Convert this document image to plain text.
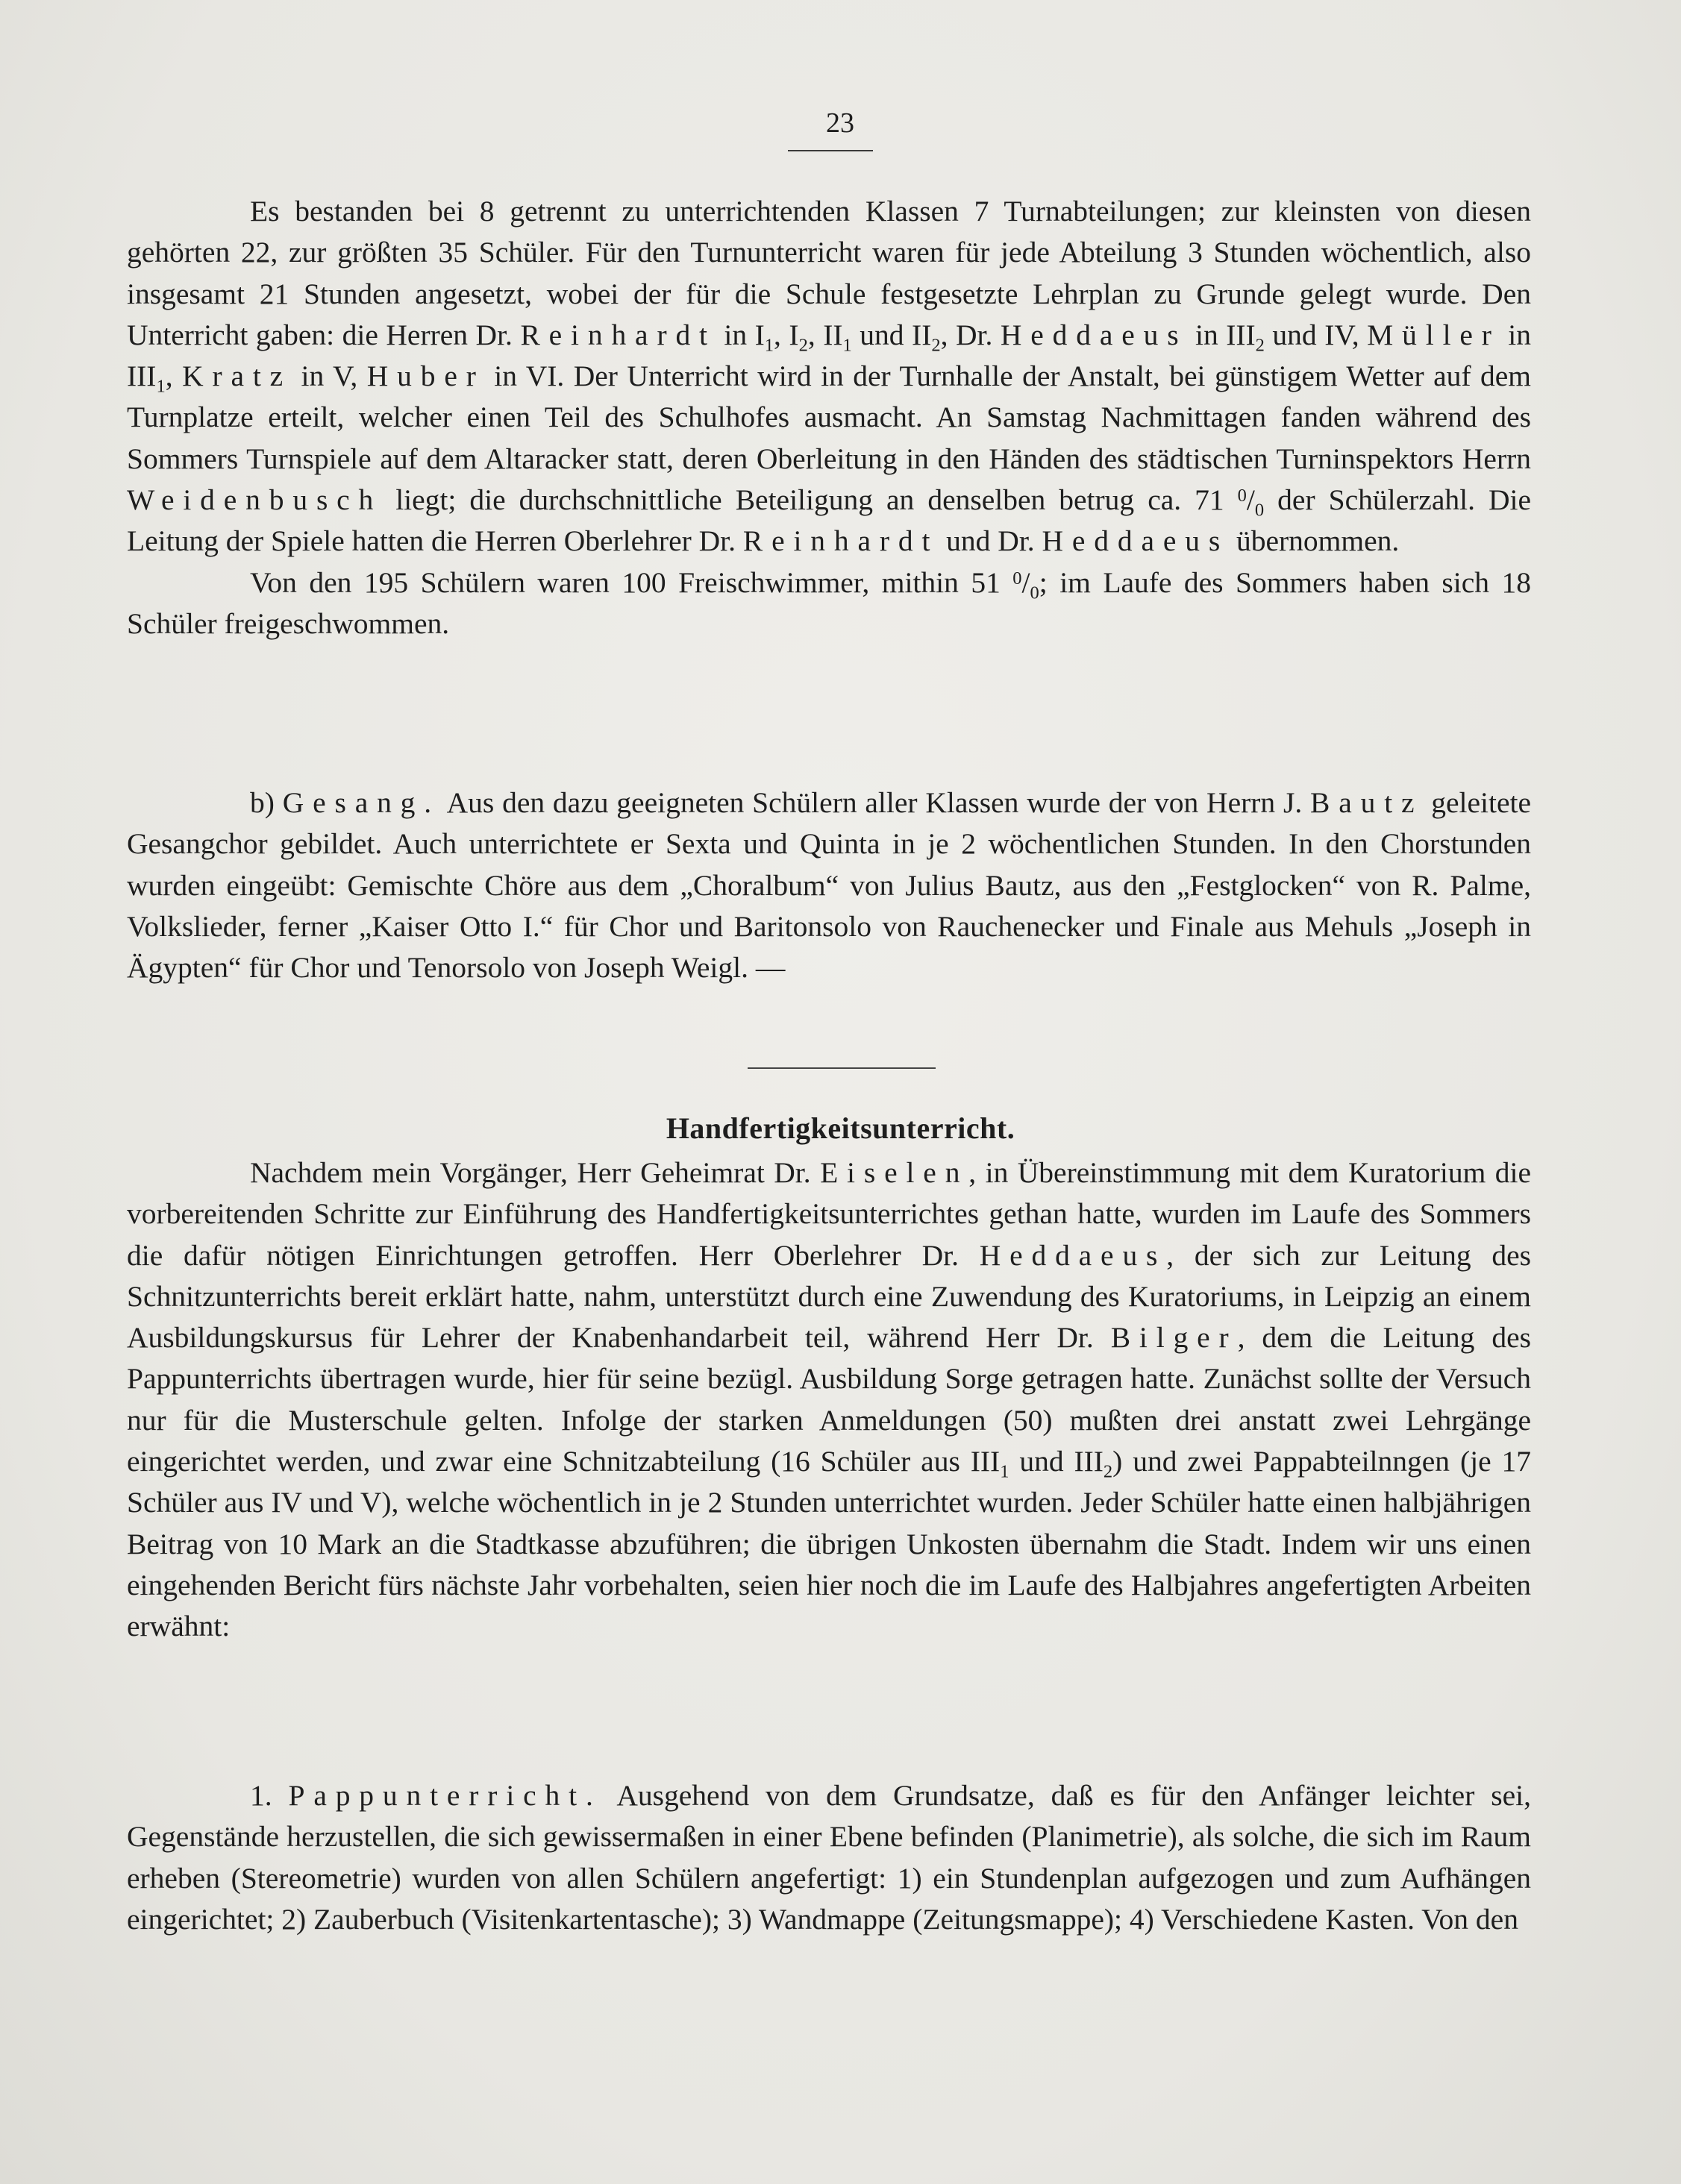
23

Es bestanden bei 8 getrennt zu unterrichtenden Klassen 7 Turnabteilungen; zur kleinsten von diesen gehörten 22, zur größten 35 Schüler. Für den Turnunterricht waren für jede Abteilung 3 Stunden wöchentlich, also insgesamt 21 Stunden angesetzt, wobei der für die Schule festgesetzte Lehrplan zu Grunde gelegt wurde. Den Unterricht gaben: die Herren Dr. Reinhardt in $I_1$, $I_2$, $II_1$ und $II_2$, Dr. Heddaeus in $III_2$ und IV, Müller in $III_1$, Kratz in V, Huber in VI. Der Unterricht wird in der Turnhalle der Anstalt, bei günstigem Wetter auf dem Turnplatze erteilt, welcher einen Teil des Schulhofes ausmacht. An Samstag Nachmittagen fanden während des Sommers Turnspiele auf dem Altaracker statt, deren Oberleitung in den Händen des städtischen Turninspektors Herrn Weidenbusch liegt; die durchschnittliche Beteiligung an denselben betrug ca. 71 $^0/_0$ der Schülerzahl. Die Leitung der Spiele hatten die Herren Oberlehrer Dr. Reinhardt und Dr. Heddaeus übernommen.

Von den 195 Schülern waren 100 Freischwimmer, mithin 51 $^0/_0$; im Laufe des Sommers haben sich 18 Schüler freigeschwommen.

b) Gesang. Aus den dazu geeigneten Schülern aller Klassen wurde der von Herrn J. Bautz geleitete Gesangchor gebildet. Auch unterrichtete er Sexta und Quinta in je 2 wöchentlichen Stunden. In den Chorstunden wurden eingeübt: Gemischte Chöre aus dem „Choralbum“ von Julius Bautz, aus den „Festglocken“ von R. Palme, Volkslieder, ferner „Kaiser Otto I.“ für Chor und Baritonsolo von Rauchenecker und Finale aus Mehuls „Joseph in Ägypten“ für Chor und Tenorsolo von Joseph Weigl. —

Handfertigkeitsunterricht.

Nachdem mein Vorgänger, Herr Geheimrat Dr. Eiselen, in Übereinstimmung mit dem Kuratorium die vorbereitenden Schritte zur Einführung des Handfertigkeitsunterrichtes gethan hatte, wurden im Laufe des Sommers die dafür nötigen Einrichtungen getroffen. Herr Oberlehrer Dr. Heddaeus, der sich zur Leitung des Schnitzunterrichts bereit erklärt hatte, nahm, unterstützt durch eine Zuwendung des Kuratoriums, in Leipzig an einem Ausbildungskursus für Lehrer der Knabenhandarbeit teil, während Herr Dr. Bilger, dem die Leitung des Pappunterrichts übertragen wurde, hier für seine bezügl. Ausbildung Sorge getragen hatte. Zunächst sollte der Versuch nur für die Musterschule gelten. Infolge der starken Anmeldungen (50) mußten drei anstatt zwei Lehrgänge eingerichtet werden, und zwar eine Schnitzabteilung (16 Schüler aus $III_1$ und $III_2$) und zwei Pappabteilnngen (je 17 Schüler aus IV und V), welche wöchentlich in je 2 Stunden unterrichtet wurden. Jeder Schüler hatte einen halbjährigen Beitrag von 10 Mark an die Stadtkasse abzuführen; die übrigen Unkosten übernahm die Stadt. Indem wir uns einen eingehenden Bericht fürs nächste Jahr vorbehalten, seien hier noch die im Laufe des Halbjahres angefertigten Arbeiten erwähnt:

1. Pappunterricht. Ausgehend von dem Grundsatze, daß es für den Anfänger leichter sei, Gegenstände herzustellen, die sich gewissermaßen in einer Ebene befinden (Planimetrie), als solche, die sich im Raum erheben (Stereometrie) wurden von allen Schülern angefertigt: 1) ein Stundenplan aufgezogen und zum Aufhängen eingerichtet; 2) Zauberbuch (Visitenkartentasche); 3) Wandmappe (Zeitungsmappe); 4) Verschiedene Kasten. Von den
